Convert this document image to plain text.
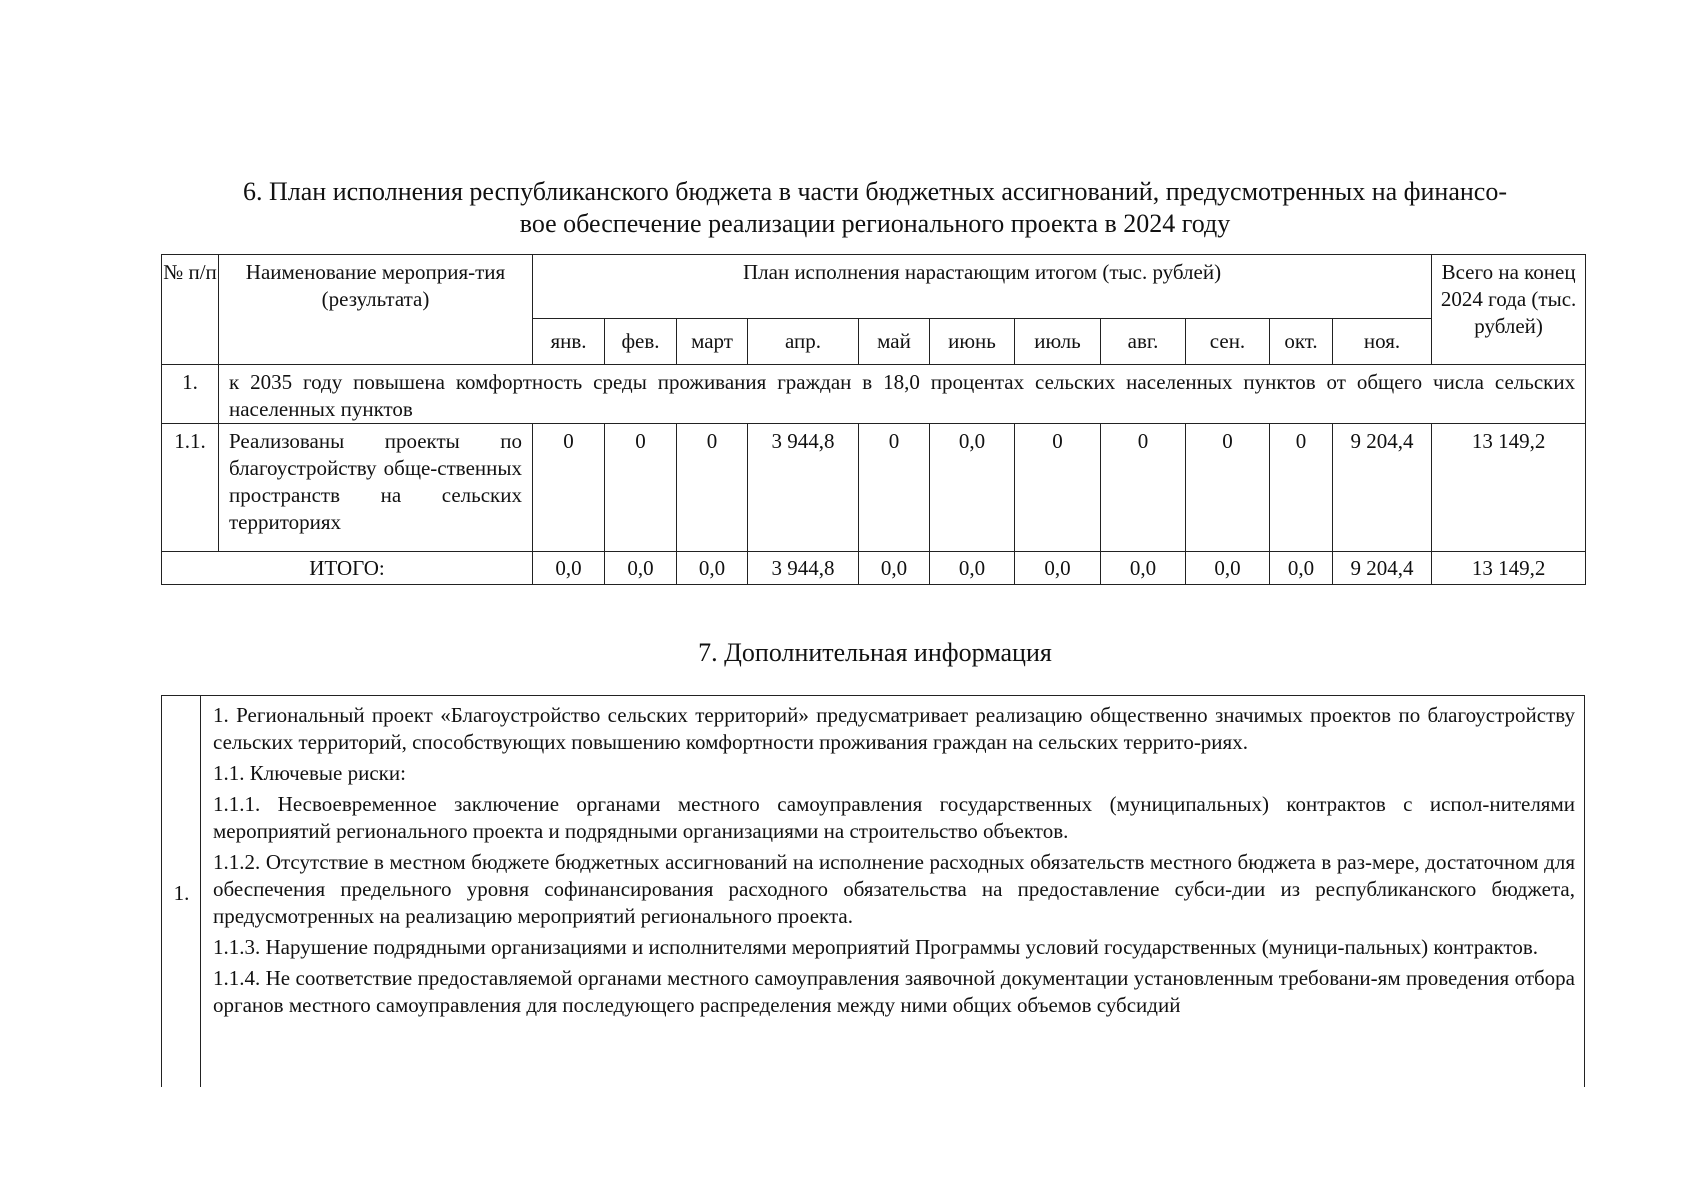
6. План исполнения республиканского бюджета в части бюджетных ассигнований, предусмотренных на финансо-
вое обеспечение реализации регионального проекта в 2024 году
№ п/п	Наименование мероприя-тия (результата)	План исполнения нарастающим итогом (тыс. рублей)											Всего на конец 2024 года (тыс. рублей)
		янв.	фев.	март	апр.	май	июнь	июль	авг.	сен.	окт.	ноя.	
1.	к 2035 году повышена комфортность среды проживания граждан в 18,0 процентах сельских населенных пунктов от общего числа сельских населенных пунктов												
1.1.	Реализованы проекты по благоустройству обще-ственных пространств на сельских территориях	0	0	0	3 944,8	0	0,0	0	0	0	0	9 204,4	13 149,2
ИТОГО:		0,0	0,0	0,0	3 944,8	0,0	0,0	0,0	0,0	0,0	0,0	9 204,4	13 149,2
7. Дополнительная информация
1.

1. Региональный проект «Благоустройство сельских территорий» предусматривает реализацию общественно значимых проектов по благоустройству сельских территорий, способствующих повышению комфортности проживания граждан на сельских террито-риях.

1.1. Ключевые риски:

1.1.1. Несвоевременное заключение органами местного самоуправления государственных (муниципальных) контрактов с испол-нителями мероприятий регионального проекта и подрядными организациями на строительство объектов.

1.1.2. Отсутствие в местном бюджете бюджетных ассигнований на исполнение расходных обязательств местного бюджета в раз-мере, достаточном для обеспечения предельного уровня софинансирования расходного обязательства на предоставление субси-дии из республиканского бюджета, предусмотренных на реализацию мероприятий регионального проекта.

1.1.3. Нарушение подрядными организациями и исполнителями мероприятий Программы условий государственных (муници-пальных) контрактов.

1.1.4. Не соответствие предоставляемой органами местного самоуправления заявочной документации установленным требовани-ям проведения отбора органов местного самоуправления для последующего распределения между ними общих объемов субсидий
